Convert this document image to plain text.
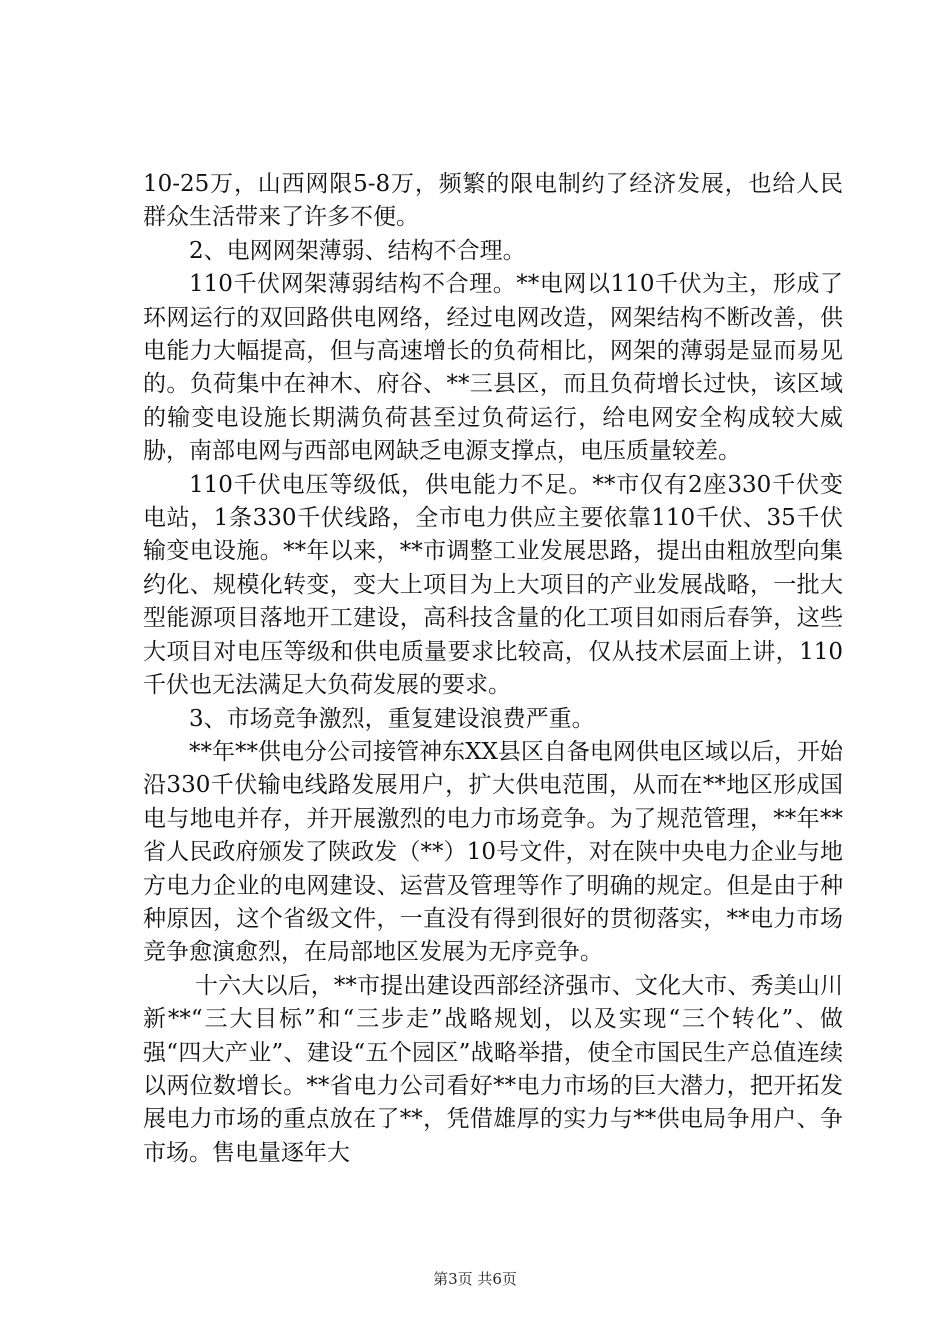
10-25万，山西网限5-8万，频繁的限电制约了经济发展，也给人民群众生活带来了许多不便。

2、电网网架薄弱、结构不合理。

110千伏网架薄弱结构不合理。**电网以110千伏为主，形成了环网运行的双回路供电网络，经过电网改造，网架结构不断改善，供电能力大幅提高，但与高速增长的负荷相比，网架的薄弱是显而易见的。负荷集中在神木、府谷、**三县区，而且负荷增长过快，该区域的输变电设施长期满负荷甚至过负荷运行，给电网安全构成较大威胁，南部电网与西部电网缺乏电源支撑点，电压质量较差。

110千伏电压等级低，供电能力不足。**市仅有2座330千伏变电站，1条330千伏线路，全市电力供应主要依靠110千伏、35千伏输变电设施。**年以来，**市调整工业发展思路，提出由粗放型向集约化、规模化转变，变大上项目为上大项目的产业发展战略，一批大型能源项目落地开工建设，高科技含量的化工项目如雨后春笋，这些大项目对电压等级和供电质量要求比较高，仅从技术层面上讲，110千伏也无法满足大负荷发展的要求。

3、市场竞争激烈，重复建设浪费严重。

**年**供电分公司接管神东XX县区自备电网供电区域以后，开始沿330千伏输电线路发展用户，扩大供电范围，从而在**地区形成国电与地电并存，并开展激烈的电力市场竞争。为了规范管理，**年**省人民政府颁发了陕政发（**）10号文件，对在陕中央电力企业与地方电力企业的电网建设、运营及管理等作了明确的规定。但是由于种种原因，这个省级文件，一直没有得到很好的贯彻落实，**电力市场竞争愈演愈烈，在局部地区发展为无序竞争。

十六大以后，**市提出建设西部经济强市、文化大市、秀美山川新**“三大目标”和“三步走”战略规划，以及实现“三个转化”、做强“四大产业”、建设“五个园区”战略举措，使全市国民生产总值连续以两位数增长。**省电力公司看好**电力市场的巨大潜力，把开拓发展电力市场的重点放在了**，凭借雄厚的实力与**供电局争用户、争市场。售电量逐年大

第3页 共6页
